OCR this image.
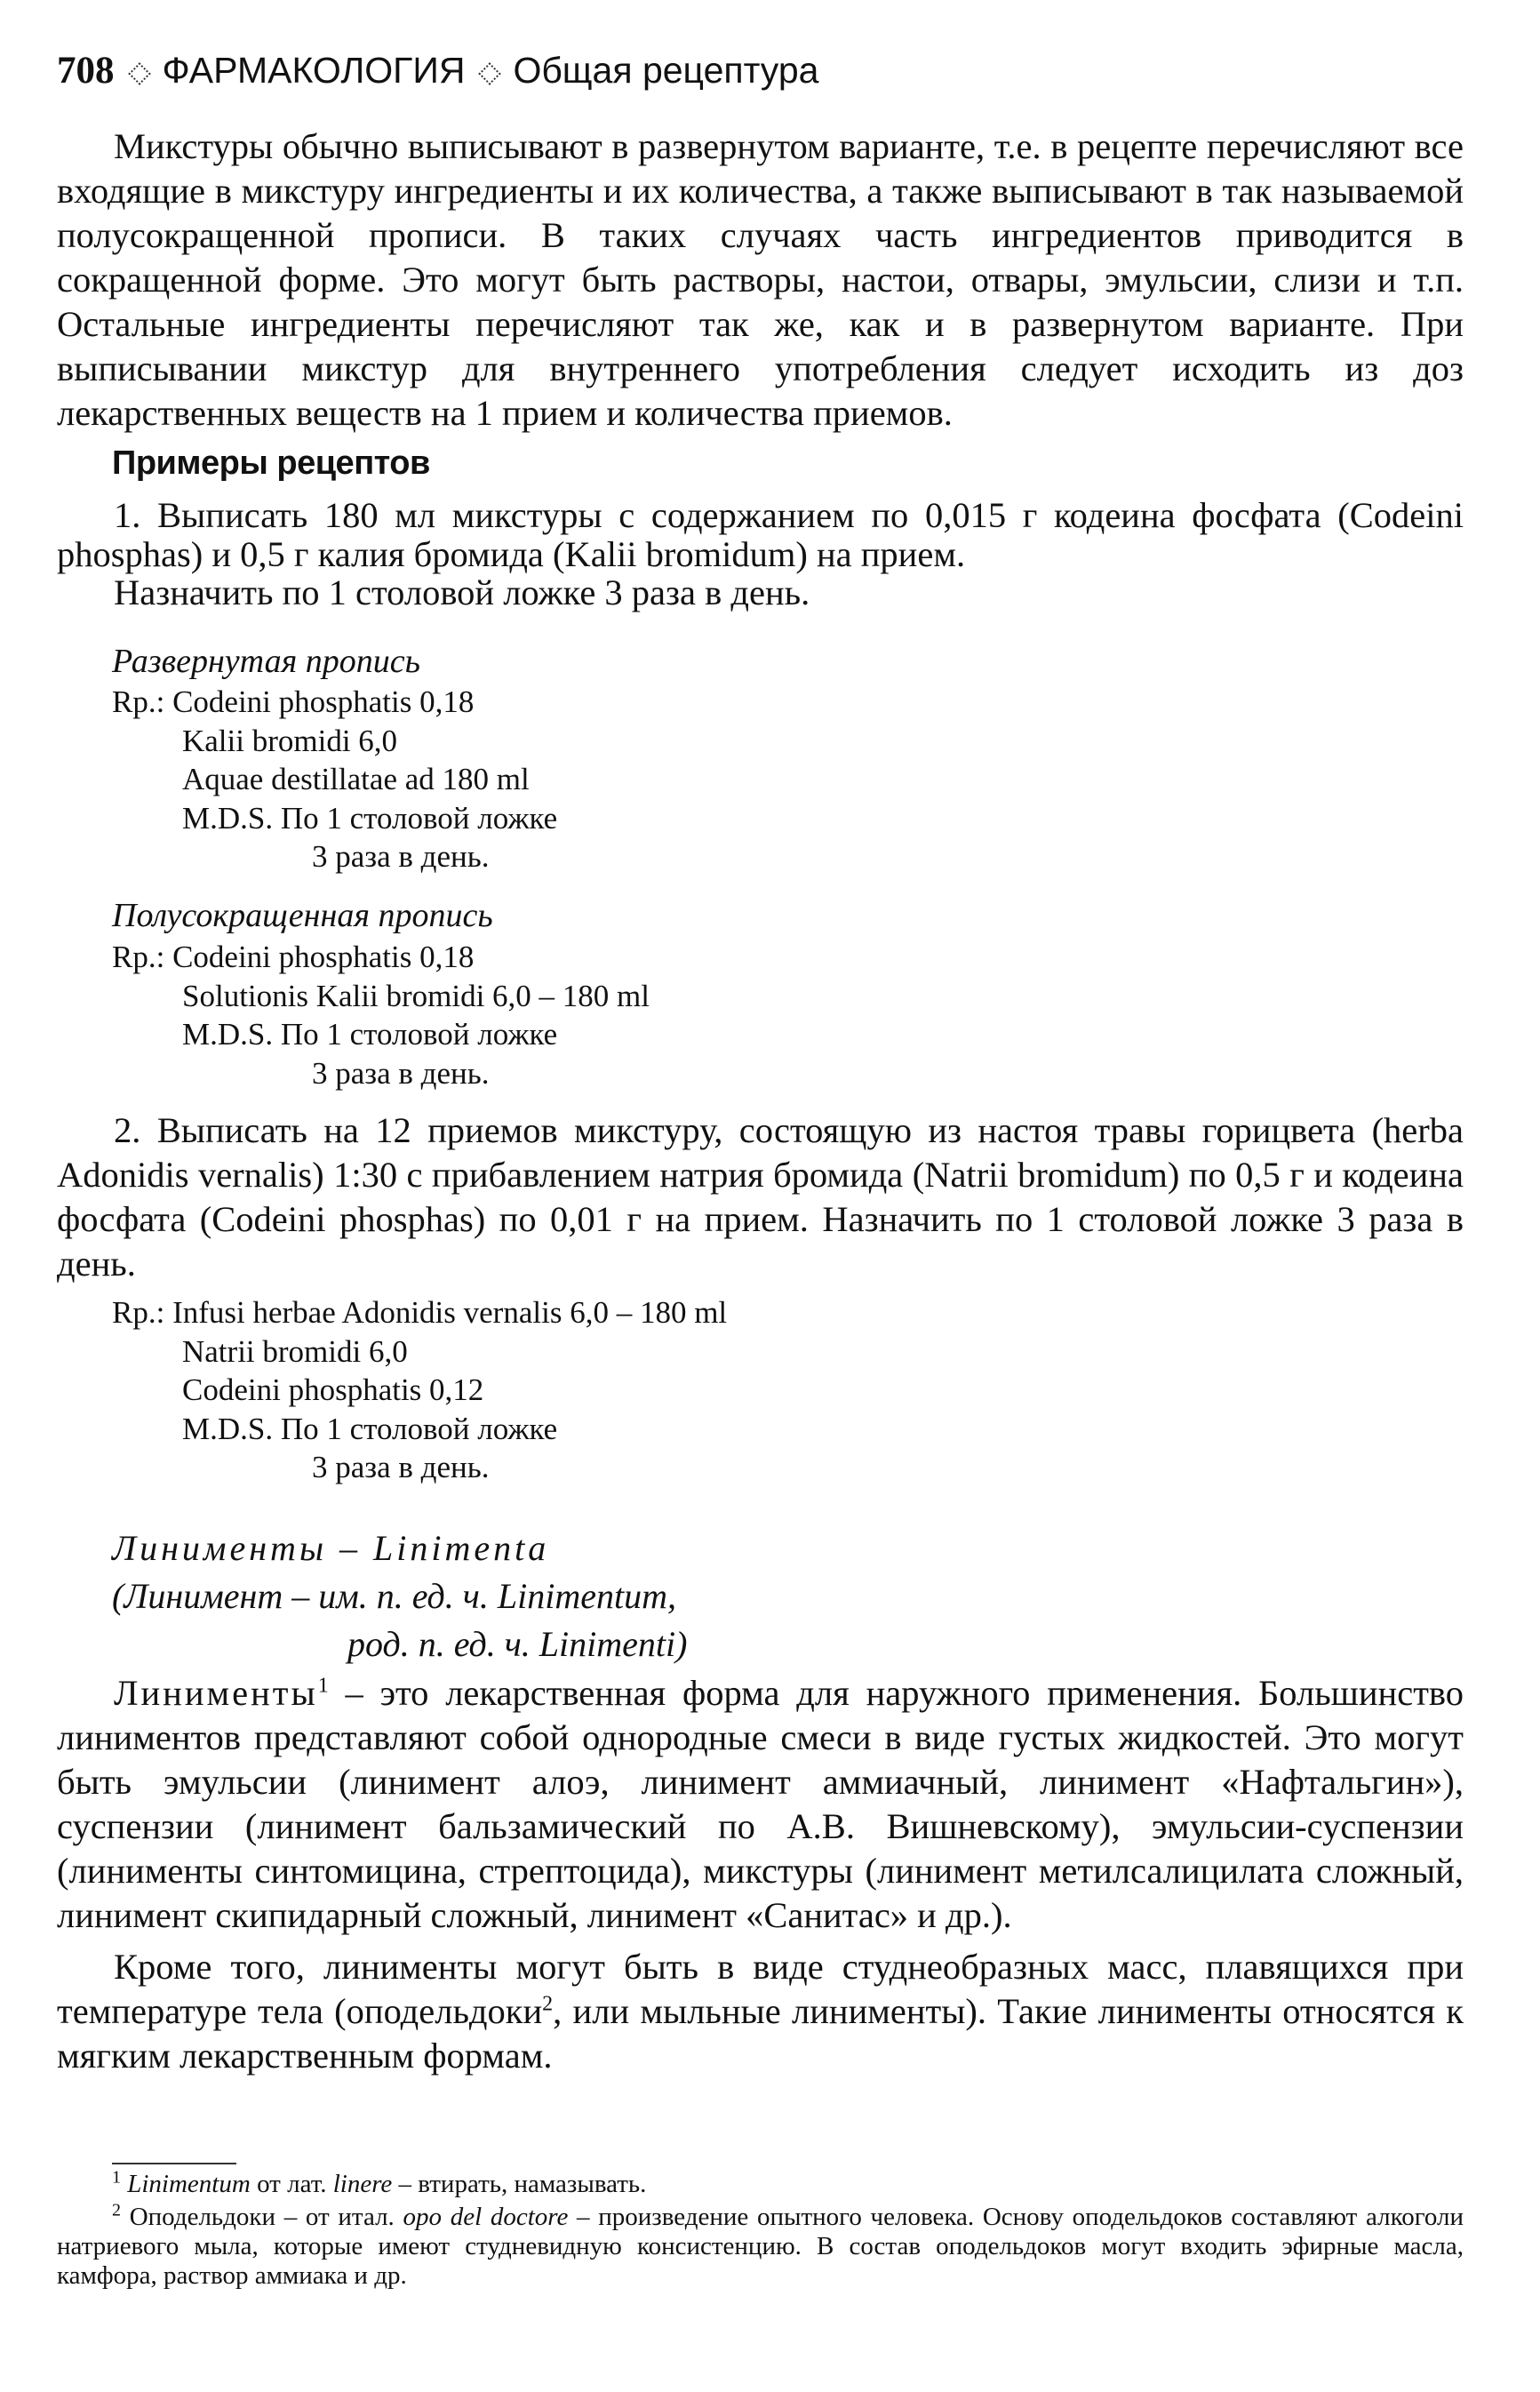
708 ФАРМАКОЛОГИЯ Общая рецептура

Микстуры обычно выписывают в развернутом варианте, т.е. в рецепте перечисляют все входящие в микстуру ингредиенты и их количества, а также выписывают в так называемой полусокращенной прописи. В таких случаях часть ингредиентов приводится в сокращенной форме. Это могут быть растворы, настои, отвары, эмульсии, слизи и т.п. Остальные ингредиенты перечисляют так же, как и в развернутом варианте. При выписывании микстур для внутреннего употребления следует исходить из доз лекарственных веществ на 1 прием и количества приемов.

Примеры рецептов

1. Выписать 180 мл микстуры с содержанием по 0,015 г кодеина фосфата (Codeini phosphas) и 0,5 г калия бромида (Kalii bromidum) на прием.

Назначить по 1 столовой ложке 3 раза в день.

Развернутая пропись
Rp.: Codeini phosphatis 0,18
Kalii bromidi 6,0
Aquae destillatae ad 180 ml
M.D.S. По 1 столовой ложке
3 раза в день.
Полусокращенная пропись
Rp.: Codeini phosphatis 0,18
Solutionis Kalii bromidi 6,0 – 180 ml
M.D.S. По 1 столовой ложке
3 раза в день.

2. Выписать на 12 приемов микстуру, состоящую из настоя травы горицвета (herba Adonidis vernalis) 1:30 с прибавлением натрия бромида (Natrii bromidum) по 0,5 г и кодеина фосфата (Codeini phosphas) по 0,01 г на прием. Назначить по 1 столовой ложке 3 раза в день.

Rp.: Infusi herbae Adonidis vernalis 6,0 – 180 ml
Natrii bromidi 6,0
Codeini phosphatis 0,12
M.D.S. По 1 столовой ложке
3 раза в день.
Линименты – Linimenta
(Линимент – им. п. ед. ч. Linimentum,
род. п. ед. ч. Linimenti)

Линименты$^1$ – это лекарственная форма для наружного применения. Большинство линиментов представляют собой однородные смеси в виде густых жидкостей. Это могут быть эмульсии (линимент алоэ, линимент аммиачный, линимент «Нафтальгин»), суспензии (линимент бальзамический по А.В. Вишневскому), эмульсии-суспензии (линименты синтомицина, стрептоцида), микстуры (линимент метилсалицилата сложный, линимент скипидарный сложный, линимент «Санитас» и др.).

Кроме того, линименты могут быть в виде студнеобразных масс, плавящихся при температуре тела (оподельдоки$^2$, или мыльные линименты). Такие линименты относятся к мягким лекарственным формам.

$^1$ Linimentum от лат. linere – втирать, намазывать.

$^2$ Оподельдоки – от итал. opo del doctore – произведение опытного человека. Основу оподельдоков составляют алкоголи натриевого мыла, которые имеют студневидную консистенцию. В состав оподельдоков могут входить эфирные масла, камфора, раствор аммиака и др.
